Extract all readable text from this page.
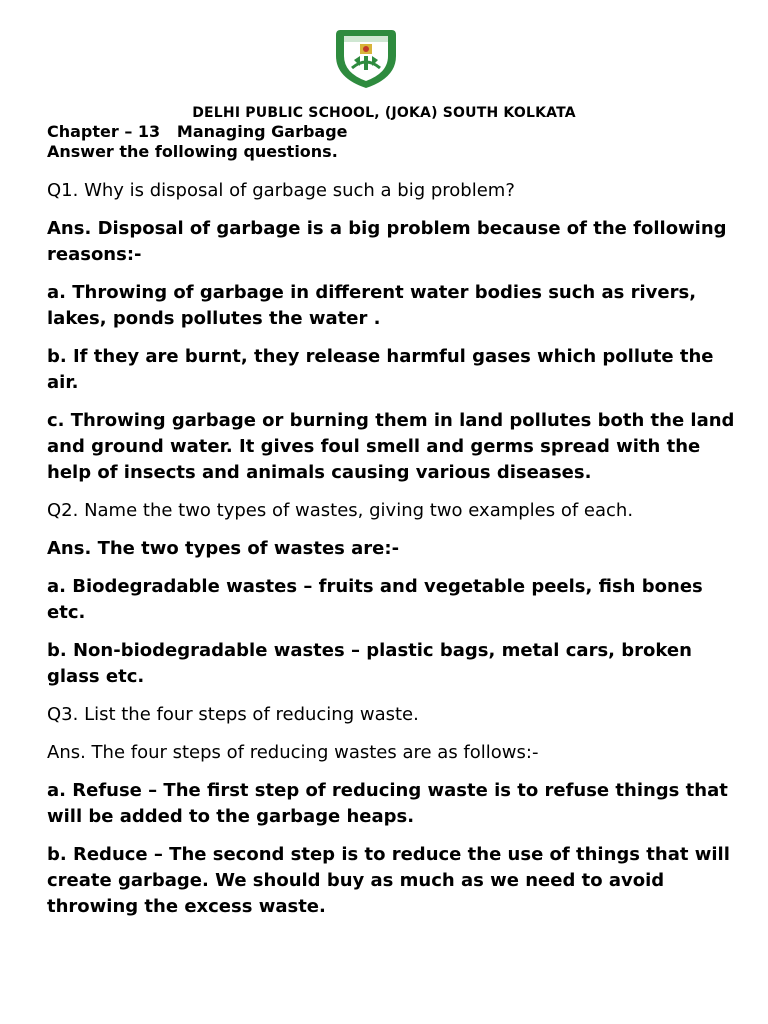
DELHI PUBLIC SCHOOL, (JOKA) SOUTH KOLKATA

Chapter – 13   Managing Garbage

Answer the following questions.

Q1. Why is disposal of garbage such a big problem?

Ans. Disposal of garbage is a big problem because of the following reasons:-

a. Throwing of garbage in different water bodies such as rivers, lakes, ponds pollutes the water .

b. If they are burnt, they release harmful gases which pollute the air.

c. Throwing garbage or burning them in land pollutes both the land and ground water. It gives foul smell and germs spread with the help of insects and animals causing various diseases.

Q2. Name the two types of wastes, giving two examples of each.

Ans. The two types of wastes are:-

a. Biodegradable wastes – fruits and vegetable peels, fish bones etc.

b. Non-biodegradable wastes – plastic bags, metal cars, broken glass etc.

Q3. List the four steps of reducing waste.

Ans. The four steps of reducing wastes are as follows:-

a. Refuse – The first step of reducing waste is to refuse things that will be added to the garbage heaps.

b. Reduce – The second step is to reduce the use of things that will create garbage. We should buy as much as we need to avoid throwing the excess waste.
